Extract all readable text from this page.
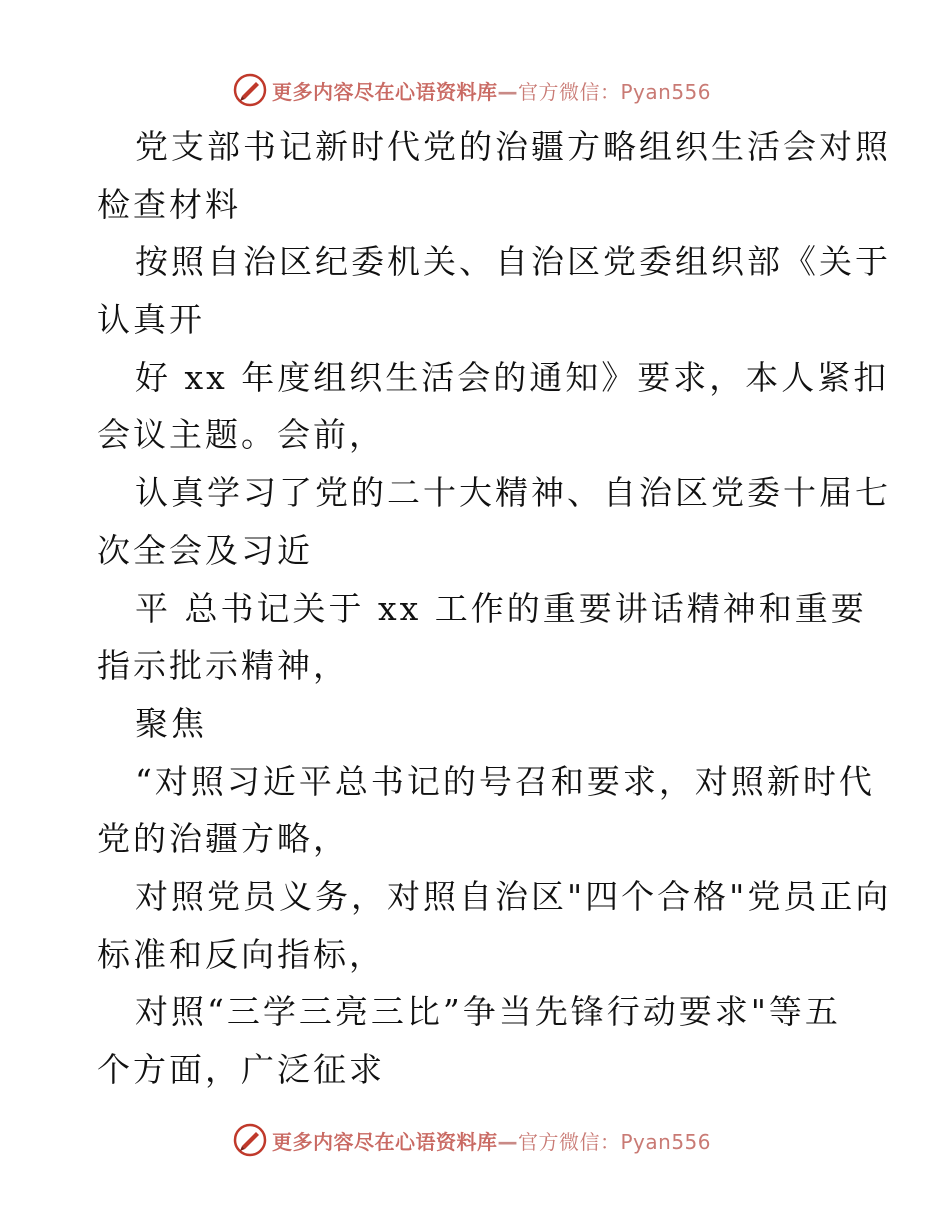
更多内容尽在心语资料库—官方微信：Pyan556
党支部书记新时代党的治疆方略组织生活会对照
检查材料
按照自治区纪委机关、自治区党委组织部《关于
认真开
好 xx 年度组织生活会的通知》要求，本人紧扣
会议主题。会前，
认真学习了党的二十大精神、自治区党委十届七
次全会及习近
平 总书记关于 xx 工作的重要讲话精神和重要
指示批示精神，
聚焦
“对照习近平总书记的号召和要求，对照新时代
党的治疆方略，
对照党员义务，对照自治区"四个合格"党员正向
标准和反向指标，
对照“三学三亮三比”争当先锋行动要求"等五
个方面，广泛征求
更多内容尽在心语资料库—官方微信：Pyan556
